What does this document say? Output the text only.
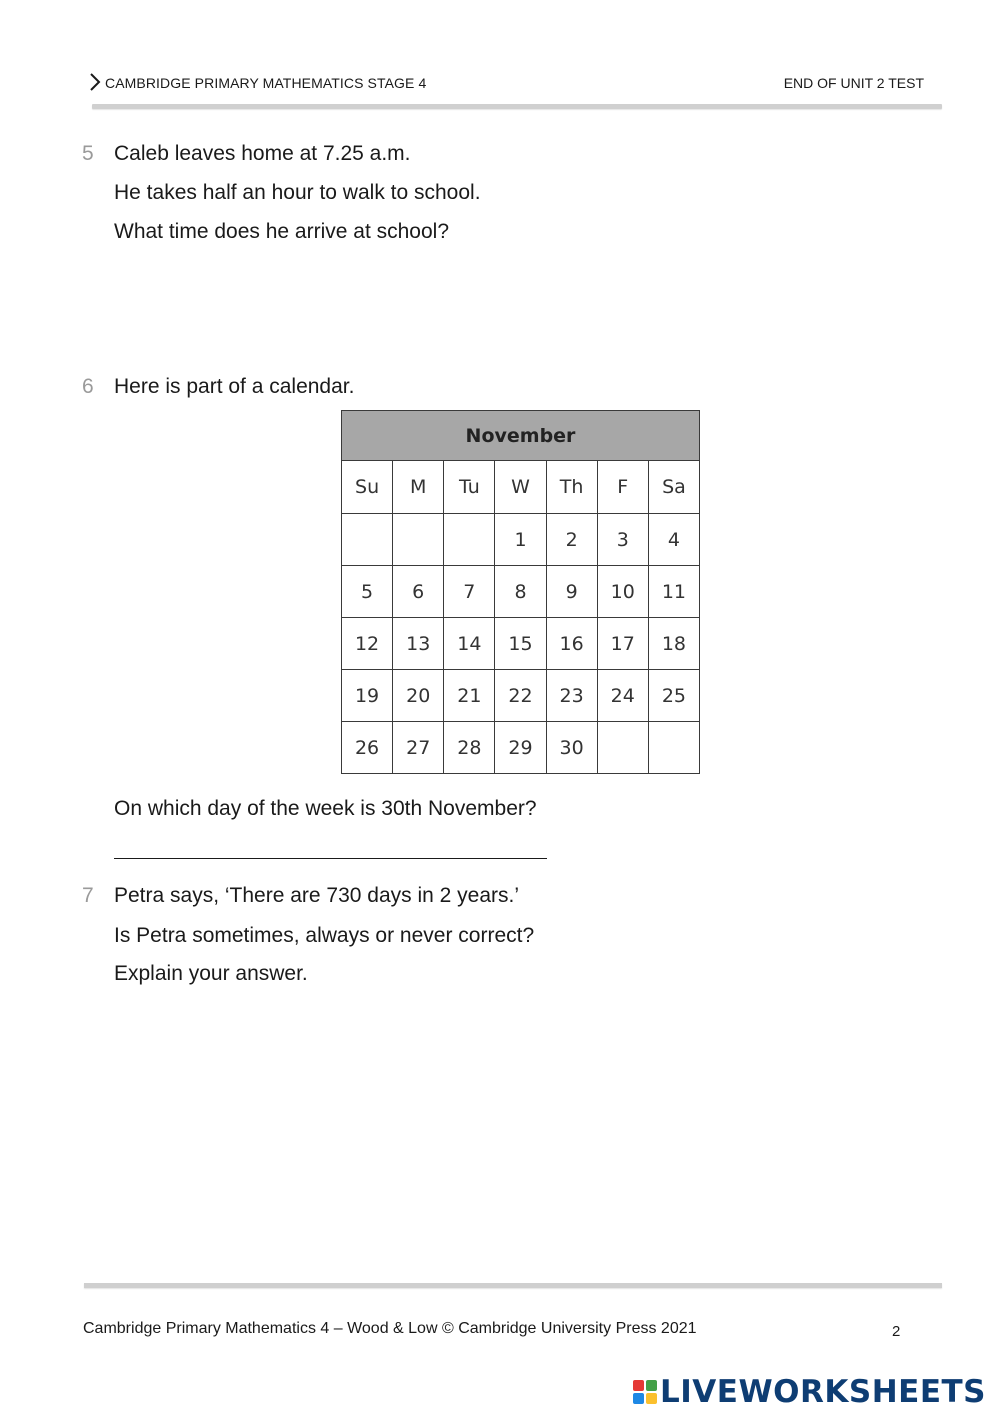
CAMBRIDGE PRIMARY MATHEMATICS STAGE 4	END OF UNIT 2 TEST
5 Caleb leaves home at 7.25 a.m.
He takes half an hour to walk to school.
What time does he arrive at school?
6 Here is part of a calendar.
November						
Su	M	Tu	W	Th	F	Sa
			1	2	3	4
5	6	7	8	9	10	11
12	13	14	15	16	17	18
19	20	21	22	23	24	25
26	27	28	29	30		
On which day of the week is 30th November?
7 Petra says, ‘There are 730 days in 2 years.’
Is Petra sometimes, always or never correct?
Explain your answer.
Cambridge Primary Mathematics 4 – Wood & Low © Cambridge University Press 2021	2
LIVEWORKSHEETS
